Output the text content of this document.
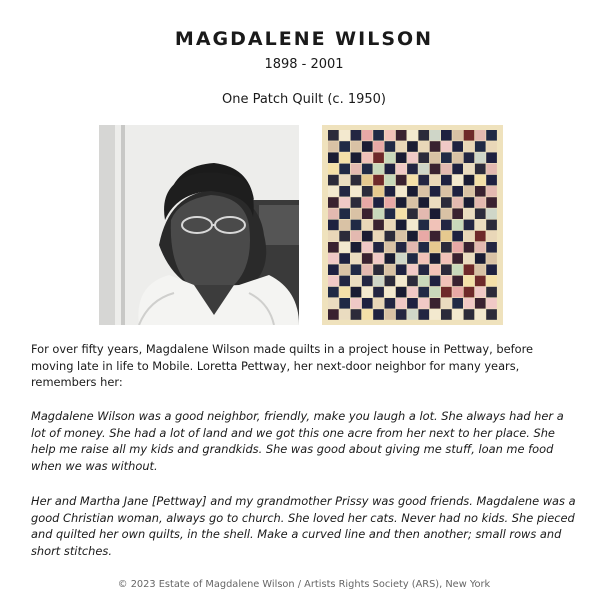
MAGDALENE WILSON
1898 - 2001
One Patch Quilt (c. 1950)

For over fifty years, Magdalene Wilson made quilts in a project house in Pettway, before moving late in life to Mobile. Loretta Pettway, her next-door neighbor for many years, remembers her:

Magdalene Wilson was a good neighbor, friendly, make you laugh a lot. She always had her a lot of money. She had a lot of land and we got this one acre from her next to her place. She help me raise all my kids and grandkids. She was good about giving me stuff, loan me food when we was without.

Her and Martha Jane [Pettway] and my grandmother Prissy was good friends. Magdalene was a good Christian woman, always go to church. She loved her cats. Never had no kids. She pieced and quilted her own quilts, in the shell. Make a curved line and then another; small rows and short stitches.

© 2023 Estate of Magdalene Wilson / Artists Rights Society (ARS), New York
